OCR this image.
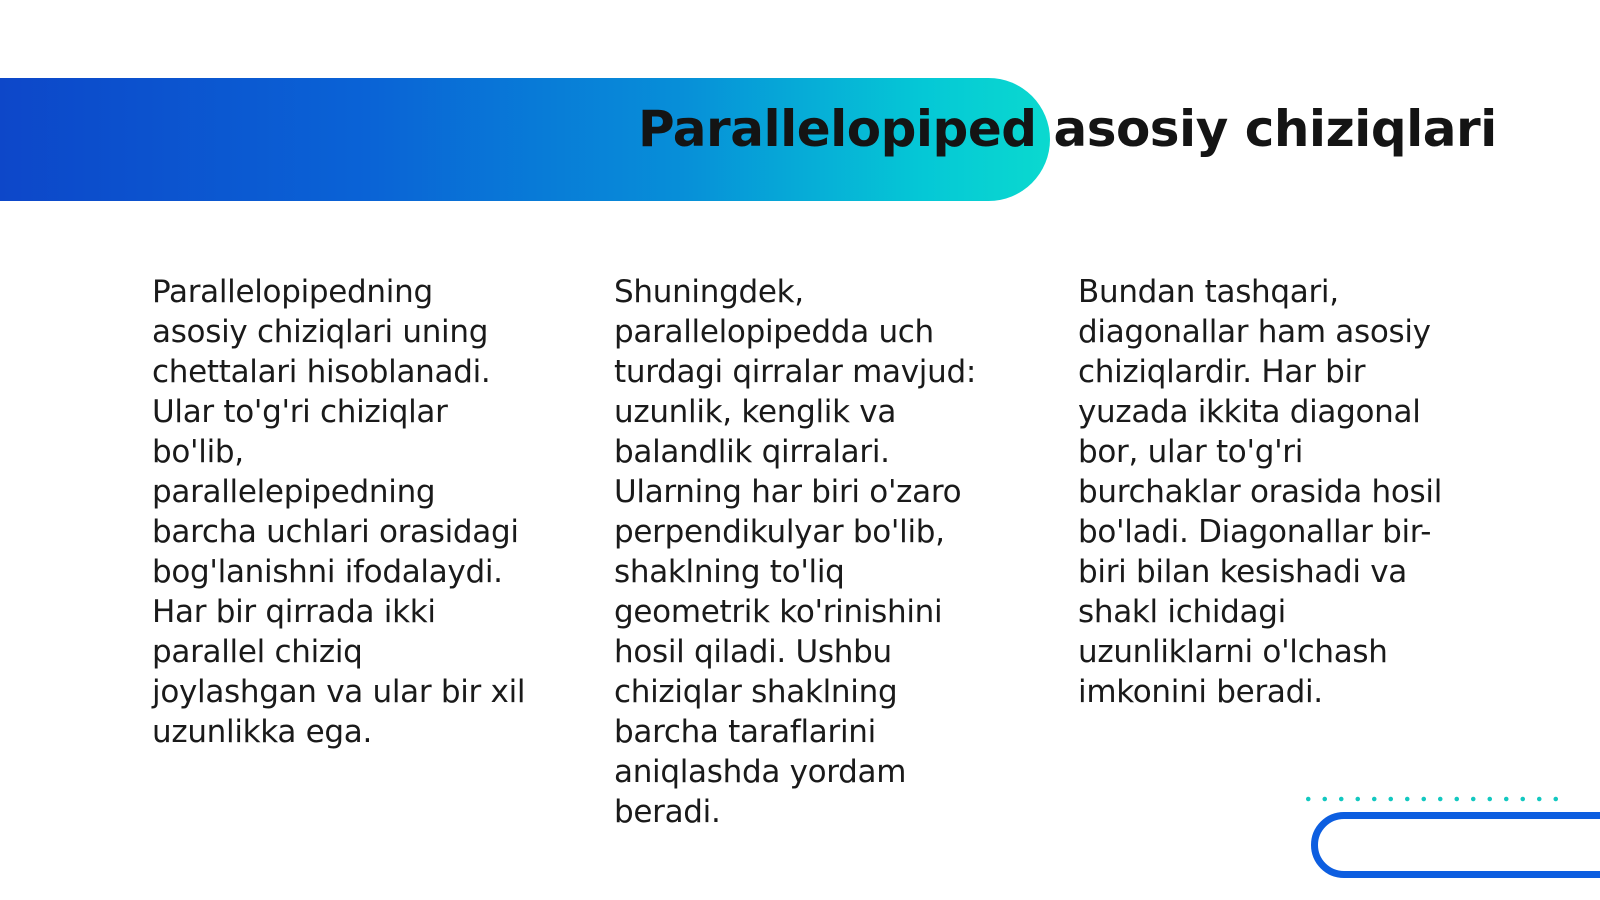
Parallelopiped asosiy chiziqlari

Parallelopipedning asosiy chiziqlari uning chettalari hisoblanadi. Ular to'g'ri chiziqlar bo'lib, parallelepipedning barcha uchlari orasidagi bog'lanishni ifodalaydi. Har bir qirrada ikki parallel chiziq joylashgan va ular bir xil uzunlikka ega.

Shuningdek, parallelopipedda uch turdagi qirralar mavjud: uzunlik, kenglik va balandlik qirralari. Ularning har biri o'zaro perpendikulyar bo'lib, shaklning to'liq geometrik ko'rinishini hosil qiladi. Ushbu chiziqlar shaklning barcha taraflarini aniqlashda yordam beradi.

Bundan tashqari, diagonallar ham asosiy chiziqlardir. Har bir yuzada ikkita diagonal bor, ular to'g'ri burchaklar orasida hosil bo'ladi. Diagonallar bir-biri bilan kesishadi va shakl ichidagi uzunliklarni o'lchash imkonini beradi.
